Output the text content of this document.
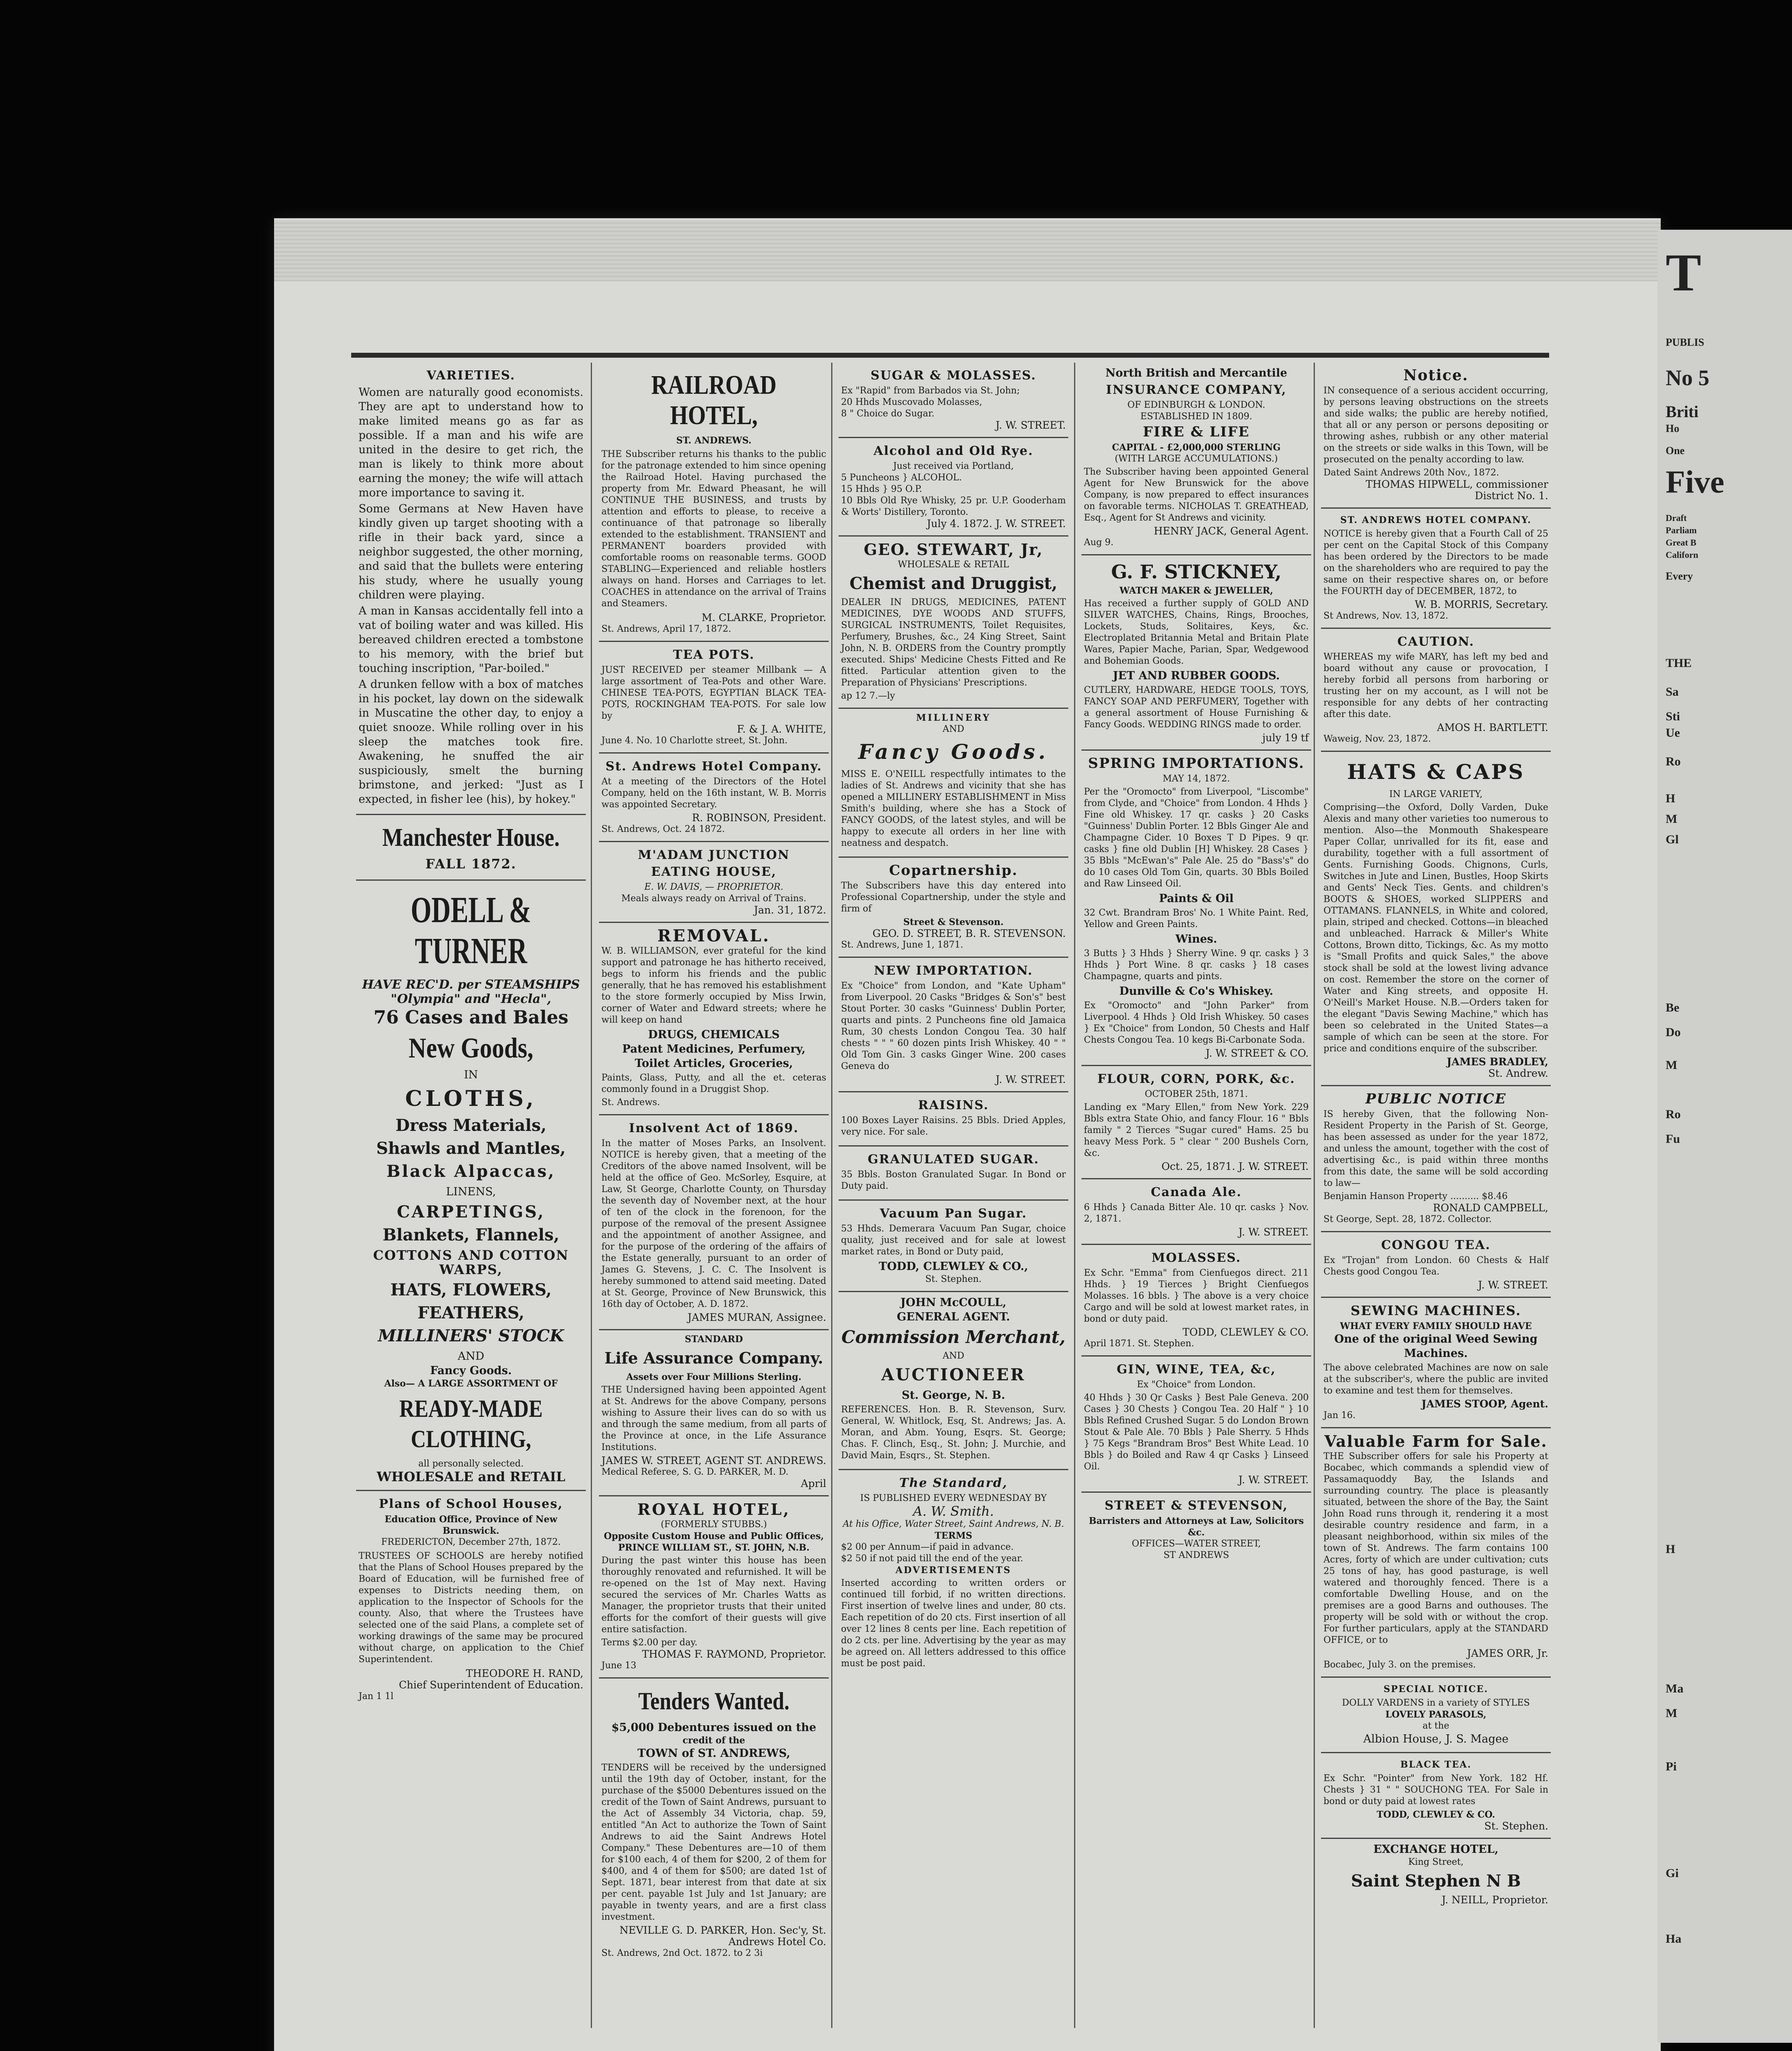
T
PUBLIS
No 5
Briti
Ho
One
Five
Draft
Parliam
Great B
Californ
Every
THE
Sa
Sti
Ue
Ro
H
M
Gl
Be
Do
M
Ro
Fu
H
Ma
M
Pi
Gi
Ha
VARIETIES.

Women are naturally good economists. They are apt to understand how to make limited means go as far as possible. If a man and his wife are united in the desire to get rich, the man is likely to think more about earning the money; the wife will attach more importance to saving it.

Some Germans at New Haven have kindly given up target shooting with a rifle in their back yard, since a neighbor suggested, the other morning, and said that the bullets were entering his study, where he usually young children were playing.

A man in Kansas accidentally fell into a vat of boiling water and was killed. His bereaved children erected a tombstone to his memory, with the brief but touching inscription, "Par-boiled."

A drunken fellow with a box of matches in his pocket, lay down on the sidewalk in Muscatine the other day, to enjoy a quiet snooze. While rolling over in his sleep the matches took fire. Awakening, he snuffed the air suspiciously, smelt the burning brimstone, and jerked: "Just as I expected, in fisher lee (his), by hokey."

Manchester House.
FALL 1872.
ODELL & TURNER
HAVE REC'D. per STEAMSHIPS
"Olympia" and "Hecla",
76 Cases and Bales
New Goods,
IN
CLOTHS,
Dress Materials,
Shawls and Mantles,
Black Alpaccas,
LINENS,
CARPETINGS,
Blankets, Flannels,
COTTONS AND COTTON WARPS,
HATS, FLOWERS,
FEATHERS,
MILLINERS' STOCK
AND
Fancy Goods.
Also— A LARGE ASSORTMENT OF
READY-MADE CLOTHING,
all personally selected.
WHOLESALE and RETAIL
Plans of School Houses,
Education Office, Province of New Brunswick.
FREDERICTON, December 27th, 1872.

TRUSTEES OF SCHOOLS are hereby notified that the Plans of School Houses prepared by the Board of Education, will be furnished free of expenses to Districts needing them, on application to the Inspector of Schools for the county. Also, that where the Trustees have selected one of the said Plans, a complete set of working drawings of the same may be procured without charge, on application to the Chief Superintendent.

THEODORE H. RAND,
Chief Superintendent of Education.
Jan 1 1l
RAILROAD HOTEL,
ST. ANDREWS.

THE Subscriber returns his thanks to the public for the patronage extended to him since opening the Railroad Hotel. Having purchased the property from Mr. Edward Pheasant, he will CONTINUE THE BUSINESS, and trusts by attention and efforts to please, to receive a continuance of that patronage so liberally extended to the establishment. TRANSIENT and PERMANENT boarders provided with comfortable rooms on reasonable terms. GOOD STABLING—Experienced and reliable hostlers always on hand. Horses and Carriages to let. COACHES in attendance on the arrival of Trains and Steamers.

M. CLARKE, Proprietor.
St. Andrews, April 17, 1872.
TEA POTS.

JUST RECEIVED per steamer Millbank — A large assortment of Tea-Pots and other Ware. CHINESE TEA-POTS, EGYPTIAN BLACK TEA-POTS, ROCKINGHAM TEA-POTS. For sale low by

F. & J. A. WHITE,
June 4. No. 10 Charlotte street, St. John.
St. Andrews Hotel Company.

At a meeting of the Directors of the Hotel Company, held on the 16th instant, W. B. Morris was appointed Secretary.

R. ROBINSON, President.
St. Andrews, Oct. 24 1872.
M'ADAM JUNCTION
EATING HOUSE,
E. W. DAVIS, — PROPRIETOR.
Meals always ready on Arrival of Trains.
Jan. 31, 1872.
REMOVAL.

W. B. WILLIAMSON, ever grateful for the kind support and patronage he has hitherto received, begs to inform his friends and the public generally, that he has removed his establishment to the store formerly occupied by Miss Irwin, corner of Water and Edward streets; where he will keep on hand

DRUGS, CHEMICALS
Patent Medicines, Perfumery,
Toilet Articles, Groceries,

Paints, Glass, Putty, and all the et. ceteras commonly found in a Druggist Shop.

St. Andrews.
Insolvent Act of 1869.

In the matter of Moses Parks, an Insolvent. NOTICE is hereby given, that a meeting of the Creditors of the above named Insolvent, will be held at the office of Geo. McSorley, Esquire, at Law, St George, Charlotte County, on Thursday the seventh day of November next, at the hour of ten of the clock in the forenoon, for the purpose of the removal of the present Assignee and the appointment of another Assignee, and for the purpose of the ordering of the affairs of the Estate generally, pursuant to an order of James G. Stevens, J. C. C. The Insolvent is hereby summoned to attend said meeting. Dated at St. George, Province of New Brunswick, this 16th day of October, A. D. 1872.

JAMES MURAN, Assignee.
STANDARD
Life Assurance Company.
Assets over Four Millions Sterling.

THE Undersigned having been appointed Agent at St. Andrews for the above Company, persons wishing to Assure their lives can do so with us and through the same medium, from all parts of the Province at once, in the Life Assurance Institutions.

JAMES W. STREET, AGENT ST. ANDREWS.
Medical Referee, S. G. D. PARKER, M. D.
April
ROYAL HOTEL,
(FORMERLY STUBBS.)
Opposite Custom House and Public Offices, PRINCE WILLIAM ST., ST. JOHN, N.B.

During the past winter this house has been thoroughly renovated and refurnished. It will be re-opened on the 1st of May next. Having secured the services of Mr. Charles Watts as Manager, the proprietor trusts that their united efforts for the comfort of their guests will give entire satisfaction.

Terms $2.00 per day.
THOMAS F. RAYMOND, Proprietor.
June 13
Tenders Wanted.
$5,000 Debentures issued on the
credit of the
TOWN of ST. ANDREWS,

TENDERS will be received by the undersigned until the 19th day of October, instant, for the purchase of the $5000 Debentures issued on the credit of the Town of Saint Andrews, pursuant to the Act of Assembly 34 Victoria, chap. 59, entitled "An Act to authorize the Town of Saint Andrews to aid the Saint Andrews Hotel Company." These Debentures are—10 of them for $100 each, 4 of them for $200, 2 of them for $400, and 4 of them for $500; are dated 1st of Sept. 1871, bear interest from that date at six per cent. payable 1st July and 1st January; are payable in twenty years, and are a first class investment.

NEVILLE G. D. PARKER, Hon. Sec'y, St. Andrews Hotel Co.
St. Andrews, 2nd Oct. 1872. to 2 3i
SUGAR & MOLASSES.
Ex "Rapid" from Barbados via St. John;
20 Hhds Muscovado Molasses,
8 " Choice do Sugar.
J. W. STREET.
Alcohol and Old Rye.
Just received via Portland,
5 Puncheons } ALCOHOL.
15 Hhds } 95 O.P.
10 Bbls Old Rye Whisky, 25 pr. U.P. Gooderham & Worts' Distillery, Toronto.
July 4. 1872. J. W. STREET.
GEO. STEWART, Jr,
WHOLESALE & RETAIL
Chemist and Druggist,

DEALER IN DRUGS, MEDICINES, PATENT MEDICINES, DYE WOODS AND STUFFS, SURGICAL INSTRUMENTS, Toilet Requisites, Perfumery, Brushes, &c., 24 King Street, Saint John, N. B. ORDERS from the Country promptly executed. Ships' Medicine Chests Fitted and Re fitted. Particular attention given to the Preparation of Physicians' Prescriptions.

ap 12 7.—ly
MILLINERY
AND
Fancy Goods.

MISS E. O'NEILL respectfully intimates to the ladies of St. Andrews and vicinity that she has opened a MILLINERY ESTABLISHMENT in Miss Smith's building, where she has a Stock of FANCY GOODS, of the latest styles, and will be happy to execute all orders in her line with neatness and despatch.

Copartnership.

The Subscribers have this day entered into Professional Copartnership, under the style and firm of

Street & Stevenson.
GEO. D. STREET, B. R. STEVENSON.
St. Andrews, June 1, 1871.
NEW IMPORTATION.

Ex "Choice" from London, and "Kate Upham" from Liverpool. 20 Casks "Bridges & Son's" best Stout Porter. 30 casks "Guinness' Dublin Porter, quarts and pints. 2 Puncheons fine old Jamaica Rum, 30 chests London Congou Tea. 30 half chests " " " 60 dozen pints Irish Whiskey. 40 " " Old Tom Gin. 3 casks Ginger Wine. 200 cases Geneva do

J. W. STREET.
RAISINS.

100 Boxes Layer Raisins. 25 Bbls. Dried Apples, very nice. For sale.

GRANULATED SUGAR.

35 Bbls. Boston Granulated Sugar. In Bond or Duty paid.

Vacuum Pan Sugar.

53 Hhds. Demerara Vacuum Pan Sugar, choice quality, just received and for sale at lowest market rates, in Bond or Duty paid,

TODD, CLEWLEY & CO.,
St. Stephen.
JOHN McCOULL,
GENERAL AGENT.
Commission Merchant,
AND
AUCTIONEER
St. George, N. B.

REFERENCES. Hon. B. R. Stevenson, Surv. General, W. Whitlock, Esq, St. Andrews; Jas. A. Moran, and Abm. Young, Esqrs. St. George; Chas. F. Clinch, Esq., St. John; J. Murchie, and David Main, Esqrs., St. Stephen.

The Standard,
IS PUBLISHED EVERY WEDNESDAY BY
A. W. Smith.
At his Office, Water Street, Saint Andrews, N. B.
TERMS
$2 00 per Annum—if paid in advance.
$2 50 if not paid till the end of the year.
ADVERTISEMENTS

Inserted according to written orders or continued till forbid, if no written directions. First insertion of twelve lines and under, 80 cts. Each repetition of do 20 cts. First insertion of all over 12 lines 8 cents per line. Each repetition of do 2 cts. per line. Advertising by the year as may be agreed on. All letters addressed to this office must be post paid.

North British and Mercantile
INSURANCE COMPANY,
OF EDINBURGH & LONDON.
ESTABLISHED IN 1809.
FIRE & LIFE
CAPITAL - £2,000,000 STERLING
(WITH LARGE ACCUMULATIONS.)

The Subscriber having been appointed General Agent for New Brunswick for the above Company, is now prepared to effect insurances on favorable terms. NICHOLAS T. GREATHEAD, Esq., Agent for St Andrews and vicinity.

HENRY JACK, General Agent.
Aug 9.
G. F. STICKNEY,
WATCH MAKER & JEWELLER,

Has received a further supply of GOLD AND SILVER WATCHES, Chains, Rings, Brooches, Lockets, Studs, Solitaires, Keys, &c. Electroplated Britannia Metal and Britain Plate Wares, Papier Mache, Parian, Spar, Wedgewood and Bohemian Goods.

JET AND RUBBER GOODS.

CUTLERY, HARDWARE, HEDGE TOOLS, TOYS, FANCY SOAP AND PERFUMERY, Together with a general assortment of House Furnishing & Fancy Goods. WEDDING RINGS made to order.

july 19 tf
SPRING IMPORTATIONS.
MAY 14, 1872.

Per the "Oromocto" from Liverpool, "Liscombe" from Clyde, and "Choice" from London. 4 Hhds } Fine old Whiskey. 17 qr. casks } 20 Casks "Guinness' Dublin Porter. 12 Bbls Ginger Ale and Champagne Cider. 10 Boxes T D Pipes. 9 qr. casks } fine old Dublin [H] Whiskey. 28 Cases } 35 Bbls "McEwan's" Pale Ale. 25 do "Bass's" do do 10 cases Old Tom Gin, quarts. 30 Bbls Boiled and Raw Linseed Oil.

Paints & Oil

32 Cwt. Brandram Bros' No. 1 White Paint. Red, Yellow and Green Paints.

Wines.

3 Butts } 3 Hhds } Sherry Wine. 9 qr. casks } 3 Hhds } Port Wine. 8 qr. casks } 18 cases Champagne, quarts and pints.

Dunville & Co's Whiskey.

Ex "Oromocto" and "John Parker" from Liverpool. 4 Hhds } Old Irish Whiskey. 50 cases } Ex "Choice" from London, 50 Chests and Half Chests Congou Tea. 10 kegs Bi-Carbonate Soda.

J. W. STREET & CO.
FLOUR, CORN, PORK, &c.
OCTOBER 25th, 1871.

Landing ex "Mary Ellen," from New York. 229 Bbls extra State Ohio, and fancy Flour. 16 " Bbls family " 2 Tierces "Sugar cured" Hams. 25 bu heavy Mess Pork. 5 " clear " 200 Bushels Corn, &c.

Oct. 25, 1871. J. W. STREET.
Canada Ale.

6 Hhds } Canada Bitter Ale. 10 qr. casks } Nov. 2, 1871.

J. W. STREET.
MOLASSES.

Ex Schr. "Emma" from Cienfuegos direct. 211 Hhds. } 19 Tierces } Bright Cienfuegos Molasses. 16 bbls. } The above is a very choice Cargo and will be sold at lowest market rates, in bond or duty paid.

TODD, CLEWLEY & CO.
April 1871. St. Stephen.
GIN, WINE, TEA, &c,
Ex "Choice" from London.

40 Hhds } 30 Qr Casks } Best Pale Geneva. 200 Cases } 30 Chests } Congou Tea. 20 Half " } 10 Bbls Refined Crushed Sugar. 5 do London Brown Stout & Pale Ale. 70 Bbls } Pale Sherry. 5 Hhds } 75 Kegs "Brandram Bros" Best White Lead. 10 Bbls } do Boiled and Raw 4 qr Casks } Linseed Oil.

J. W. STREET.
STREET & STEVENSON,
Barristers and Attorneys at Law, Solicitors &c.
OFFICES—WATER STREET,
ST ANDREWS
Notice.

IN consequence of a serious accident occurring, by persons leaving obstructions on the streets and side walks; the public are hereby notified, that all or any person or persons depositing or throwing ashes, rubbish or any other material on the streets or side walks in this Town, will be prosecuted on the penalty according to law.

Dated Saint Andrews 20th Nov., 1872.
THOMAS HIPWELL, commissioner District No. 1.
ST. ANDREWS HOTEL COMPANY.

NOTICE is hereby given that a Fourth Call of 25 per cent on the Capital Stock of this Company has been ordered by the Directors to be made on the shareholders who are required to pay the same on their respective shares on, or before the FOURTH day of DECEMBER, 1872, to

W. B. MORRIS, Secretary.
St Andrews, Nov. 13, 1872.
CAUTION.

WHEREAS my wife MARY, has left my bed and board without any cause or provocation, I hereby forbid all persons from harboring or trusting her on my account, as I will not be responsible for any debts of her contracting after this date.

AMOS H. BARTLETT.
Waweig, Nov. 23, 1872.
HATS & CAPS
IN LARGE VARIETY,

Comprising—the Oxford, Dolly Varden, Duke Alexis and many other varieties too numerous to mention. Also—the Monmouth Shakespeare Paper Collar, unrivalled for its fit, ease and durability, together with a full assortment of Gents. Furnishing Goods. Chignons, Curls, Switches in Jute and Linen, Bustles, Hoop Skirts and Gents' Neck Ties. Gents. and children's BOOTS & SHOES, worked SLIPPERS and OTTAMANS. FLANNELS, in White and colored, plain, striped and checked. Cottons—in bleached and unbleached. Harrack & Miller's White Cottons, Brown ditto, Tickings, &c. As my motto is "Small Profits and quick Sales," the above stock shall be sold at the lowest living advance on cost. Remember the store on the corner of Water and King streets, and opposite H. O'Neill's Market House. N.B.—Orders taken for the elegant "Davis Sewing Machine," which has been so celebrated in the United States—a sample of which can be seen at the store. For price and conditions enquire of the subscriber.

JAMES BRADLEY,
St. Andrew.
PUBLIC NOTICE

IS hereby Given, that the following Non-Resident Property in the Parish of St. George, has been assessed as under for the year 1872, and unless the amount, together with the cost of advertising &c., is paid within three months from this date, the same will be sold according to law—

Benjamin Hanson Property .......... $8.46
RONALD CAMPBELL,
St George, Sept. 28, 1872. Collector.
CONGOU TEA.

Ex "Trojan" from London. 60 Chests & Half Chests good Congou Tea.

J. W. STREET.
SEWING MACHINES.
WHAT EVERY FAMILY SHOULD HAVE
One of the original Weed Sewing Machines.

The above celebrated Machines are now on sale at the subscriber's, where the public are invited to examine and test them for themselves.

JAMES STOOP, Agent.
Jan 16.
Valuable Farm for Sale.

THE Subscriber offers for sale his Property at Bocabec, which commands a splendid view of Passamaquoddy Bay, the Islands and surrounding country. The place is pleasantly situated, between the shore of the Bay, the Saint John Road runs through it, rendering it a most desirable country residence and farm, in a pleasant neighborhood, within six miles of the town of St. Andrews. The farm contains 100 Acres, forty of which are under cultivation; cuts 25 tons of hay, has good pasturage, is well watered and thoroughly fenced. There is a comfortable Dwelling House, and on the premises are a good Barns and outhouses. The property will be sold with or without the crop. For further particulars, apply at the STANDARD OFFICE, or to

JAMES ORR, Jr.
Bocabec, July 3. on the premises.
SPECIAL NOTICE.
DOLLY VARDENS in a variety of STYLES
LOVELY PARASOLS,
at the
Albion House, J. S. Magee
BLACK TEA.

Ex Schr. "Pointer" from New York. 182 Hf. Chests } 31 " " SOUCHONG TEA. For Sale in bond or duty paid at lowest rates

TODD, CLEWLEY & CO.
St. Stephen.
EXCHANGE HOTEL,
King Street,
Saint Stephen N B
J. NEILL, Proprietor.
